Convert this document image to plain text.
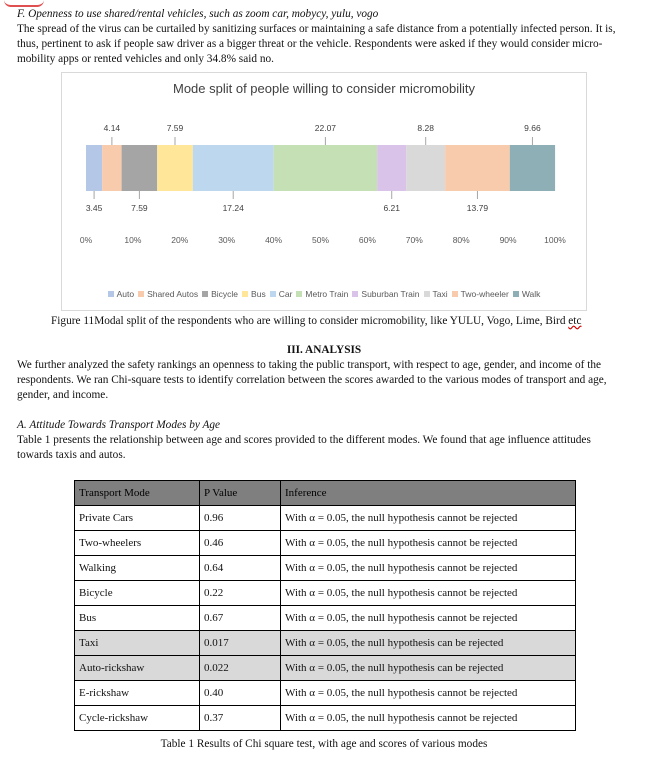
F. Openness to use shared/rental vehicles, such as zoom car, mobycy, yulu, vogo
The spread of the virus can be curtailed by sanitizing surfaces or maintaining a safe distance from a potentially infected person. It is,
thus, pertinent to ask if people saw driver as a bigger threat or the vehicle. Respondents were asked if they would consider micro-
mobility apps or rented vehicles and only 34.8% said no.
Mode split of people willing to consider micromobility
3.45
4.14
7.59
7.59
17.24
22.07
6.21
8.28
13.79
9.66
0%	10%	20%	30%	40%	50%	60%	70%	80%	90%	100%
Auto Shared Autos Bicycle Bus Car Metro Train Suburban Train Taxi Two-wheeler Walk
Figure 11Modal split of the respondents who are willing to consider micromobility, like YULU, Vogo, Lime, Bird etc
III. ANALYSIS
We further analyzed the safety rankings an openness to taking the public transport, with respect to age, gender, and income of the
respondents. We ran Chi-square tests to identify correlation between the scores awarded to the various modes of transport and age,
gender, and income.
A. Attitude Towards Transport Modes by Age
Table 1 presents the relationship between age and scores provided to the different modes. We found that age influence attitudes
towards taxis and autos.
Transport Mode	P Value	Inference
Private Cars	0.96	With α = 0.05, the null hypothesis cannot be rejected
Two-wheelers	0.46	With α = 0.05, the null hypothesis cannot be rejected
Walking	0.64	With α = 0.05, the null hypothesis cannot be rejected
Bicycle	0.22	With α = 0.05, the null hypothesis cannot be rejected
Bus	0.67	With α = 0.05, the null hypothesis cannot be rejected
Taxi	0.017	With α = 0.05, the null hypothesis can be rejected
Auto-rickshaw	0.022	With α = 0.05, the null hypothesis can be rejected
E-rickshaw	0.40	With α = 0.05, the null hypothesis cannot be rejected
Cycle-rickshaw	0.37	With α = 0.05, the null hypothesis cannot be rejected
Table 1 Results of Chi square test, with age and scores of various modes
